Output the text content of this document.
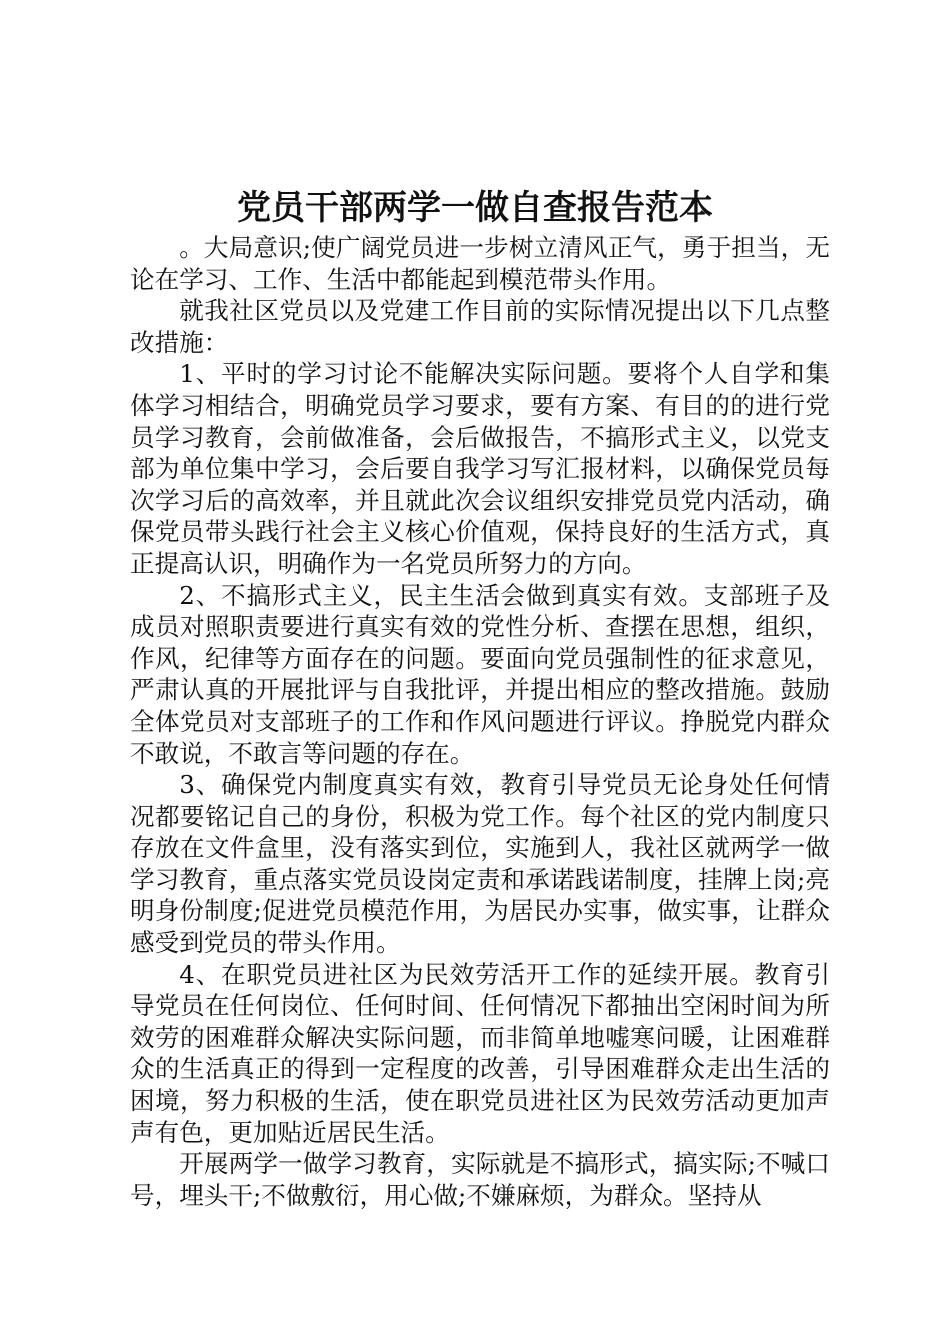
党员干部两学一做自查报告范本

。大局意识;使广阔党员进一步树立清风正气，勇于担当，无论在学习、工作、生活中都能起到模范带头作用。

就我社区党员以及党建工作目前的实际情况提出以下几点整改措施：

1、平时的学习讨论不能解决实际问题。要将个人自学和集体学习相结合，明确党员学习要求，要有方案、有目的的进行党员学习教育，会前做准备，会后做报告，不搞形式主义，以党支部为单位集中学习，会后要自我学习写汇报材料，以确保党员每次学习后的高效率，并且就此次会议组织安排党员党内活动，确保党员带头践行社会主义核心价值观，保持良好的生活方式，真正提高认识，明确作为一名党员所努力的方向。

2、不搞形式主义，民主生活会做到真实有效。支部班子及成员对照职责要进行真实有效的党性分析、查摆在思想，组织，作风，纪律等方面存在的问题。要面向党员强制性的征求意见，严肃认真的开展批评与自我批评，并提出相应的整改措施。鼓励全体党员对支部班子的工作和作风问题进行评议。挣脱党内群众不敢说，不敢言等问题的存在。

3、确保党内制度真实有效，教育引导党员无论身处任何情况都要铭记自己的身份，积极为党工作。每个社区的党内制度只存放在文件盒里，没有落实到位，实施到人，我社区就两学一做学习教育，重点落实党员设岗定责和承诺践诺制度，挂牌上岗;亮明身份制度;促进党员模范作用，为居民办实事，做实事，让群众感受到党员的带头作用。

4、在职党员进社区为民效劳活开工作的延续开展。教育引导党员在任何岗位、任何时间、任何情况下都抽出空闲时间为所效劳的困难群众解决实际问题，而非简单地嘘寒问暖，让困难群众的生活真正的得到一定程度的改善，引导困难群众走出生活的困境，努力积极的生活，使在职党员进社区为民效劳活动更加声声有色，更加贴近居民生活。

开展两学一做学习教育，实际就是不搞形式，搞实际;不喊口号，埋头干;不做敷衍，用心做;不嫌麻烦，为群众。坚持从
